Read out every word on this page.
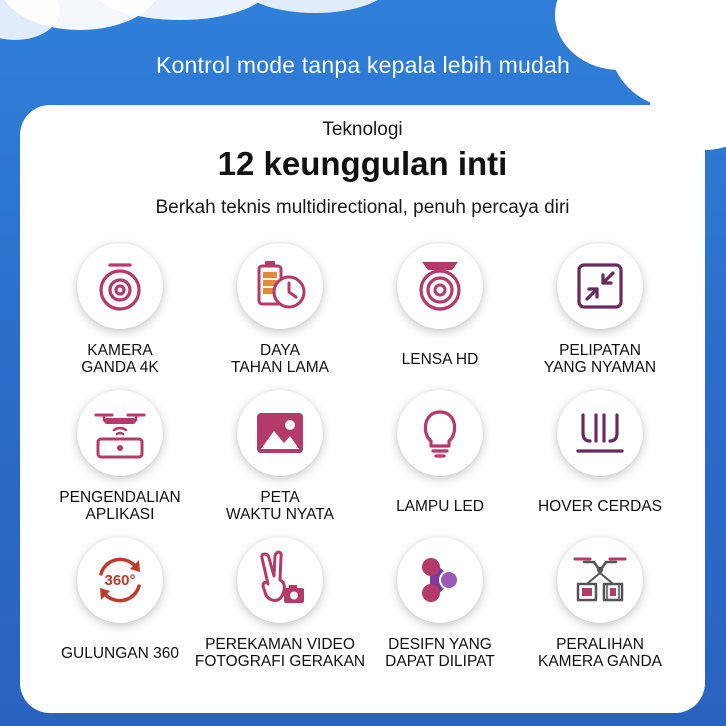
Kontrol mode tanpa kepala lebih mudah
Teknologi
12 keunggulan inti
Berkah teknis multidirectional, penuh percaya diri
KAMERA
GANDA 4K
DAYA
TAHAN LAMA	LENSA HD	PELIPATAN
YANG NYAMAN
PENGENDALIAN
APLIKASI
PETA
WAKTU NYATA	LAMPU LED	HOVER CERDAS
360°
GULUNGAN 360 PEREKAMAN VIDEO
FOTOGRAFI GERAKAN
DESIFN YANG
DAPAT DILIPAT
PERALIHAN
KAMERA GANDA
